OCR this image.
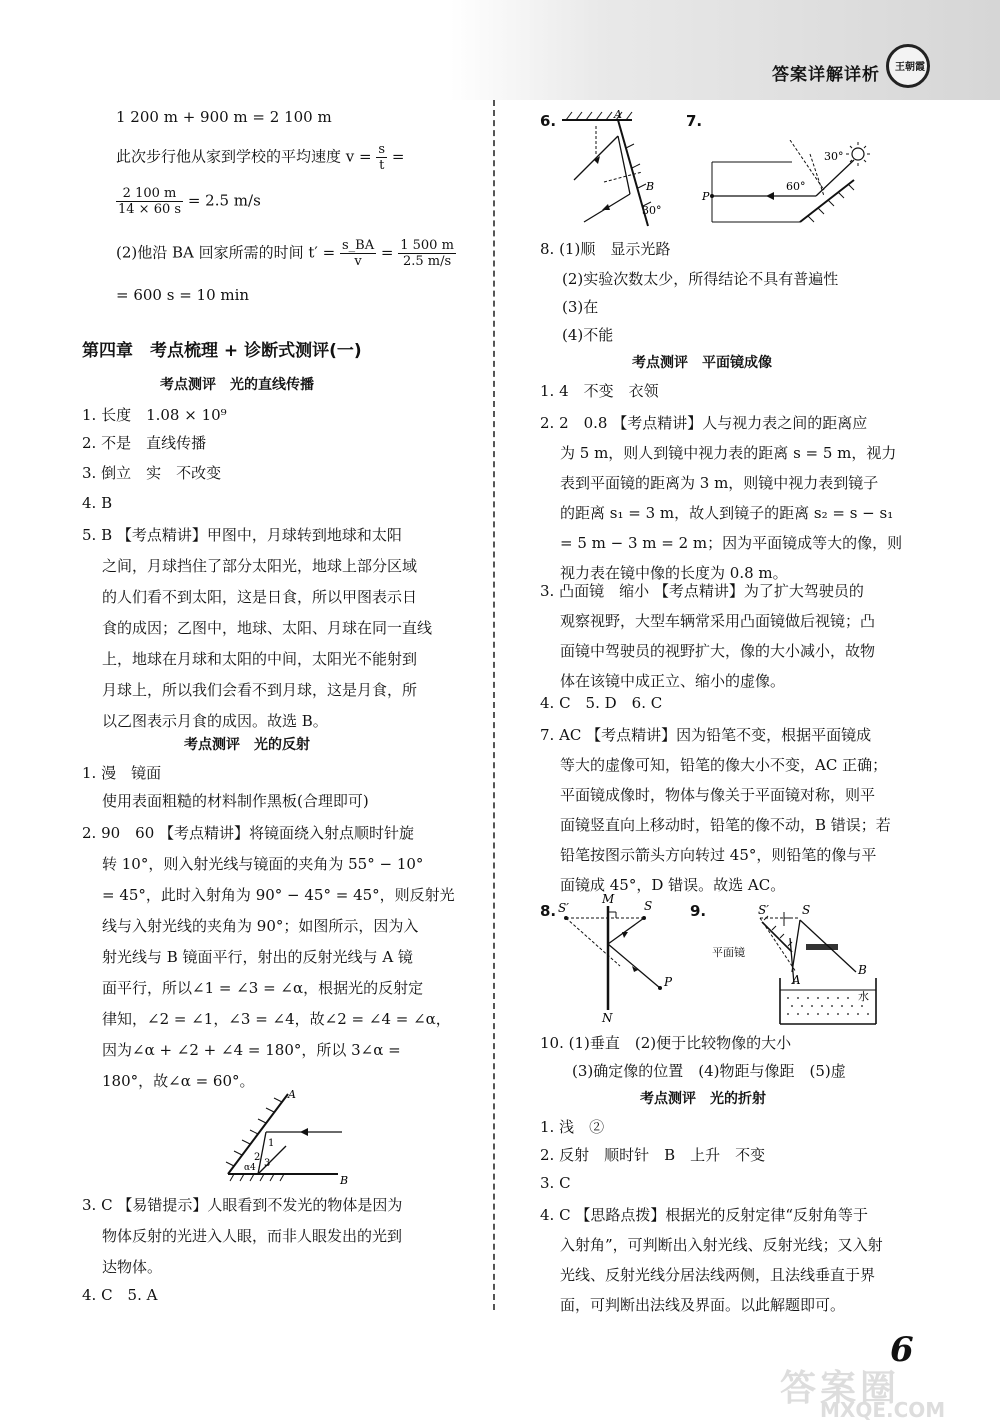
答案详解详析 王朝霞
1 200 m + 900 m = 2 100 m
此次步行他从家到学校的平均速度 $v = \frac{s}{t}$ =
$\frac{2 100 m}{14 \times 60 s} = 2.5$ m/s
(2)他沿 BA 回家所需的时间 $t' = \frac{s\_BA}{v} = \frac{1 500 m}{2.5 m/s}$
= 600 s = 10 min
第四章　考点梳理 + 诊断式测评(一)
考点测评　光的直线传播
1. 长度　1.08 × 10⁹
2. 不是　直线传播
3. 倒立　实　不改变
4. B
5. B 【考点精讲】甲图中，月球转到地球和太阳
之间，月球挡住了部分太阳光，地球上部分区域
的人们看不到太阳，这是日食，所以甲图表示日
食的成因；乙图中，地球、太阳、月球在同一直线
上，地球在月球和太阳的中间，太阳光不能射到
月球上，所以我们会看不到月球，这是月食，所
以乙图表示月食的成因。故选 B。
考点测评　光的反射
1. 漫　镜面
使用表面粗糙的材料制作黑板(合理即可)
2. 90　60 【考点精讲】将镜面绕入射点顺时针旋
转 10°，则入射光线与镜面的夹角为 55° − 10°
= 45°，此时入射角为 90° − 45° = 45°，则反射光
线与入射光线的夹角为 90°；如图所示，因为入
射光线与 B 镜面平行，射出的反射光线与 A 镜
面平行，所以∠1 = ∠3 = ∠α，根据光的反射定
律知，∠2 = ∠1，∠3 = ∠4，故∠2 = ∠4 = ∠α，
因为∠α + ∠2 + ∠4 = 180°，所以 3∠α =
180°，故∠α = 60°。
A
B
1
2
3
4
α
3. C 【易错提示】人眼看到不发光的物体是因为
物体反射的光进入人眼，而非人眼发出的光到
达物体。
4. C　5. A
6.	A
B
30°
7.
P
60°
30°
8. (1)顺　显示光路
(2)实验次数太少，所得结论不具有普遍性
(3)在
(4)不能
考点测评　平面镜成像
1. 4　不变　衣领
2. 2　0.8 【考点精讲】人与视力表之间的距离应
为 5 m，则人到镜中视力表的距离 s = 5 m，视力
表到平面镜的距离为 3 m，则镜中视力表到镜子
的距离 s₁ = 3 m，故人到镜子的距离 s₂ = s − s₁
= 5 m − 3 m = 2 m；因为平面镜成等大的像，则
视力表在镜中像的长度为 0.8 m。
3. 凸面镜　缩小 【考点精讲】为了扩大驾驶员的
观察视野，大型车辆常采用凸面镜做后视镜；凸
面镜中驾驶员的视野扩大，像的大小减小，故物
体在该镜中成正立、缩小的虚像。
4. C　5. D　6. C
7. AC 【考点精讲】因为铅笔不变，根据平面镜成
等大的虚像可知，铅笔的像大小不变，AC 正确；
平面镜成像时，物体与像关于平面镜对称，则平
面镜竖直向上移动时，铅笔的像不动，B 错误；若
铅笔按图示箭头方向转过 45°，则铅笔的像与平
面镜成 45°，D 错误。故选 AC。
8. S′
M S
N
P
9.	S′	S
平面镜
A
B
水
10. (1)垂直　(2)便于比较物像的大小
(3)确定像的位置　(4)物距与像距　(5)虚
考点测评　光的折射
1. 浅　②
2. 反射　顺时针　B　上升　不变
3. C
4. C 【思路点拨】根据光的反射定律“反射角等于
入射角”，可判断出入射光线、反射光线；又入射
光线、反射光线分居法线两侧，且法线垂直于界
面，可判断出法线及界面。以此解题即可。
6
答案圈
MXQE.COM
